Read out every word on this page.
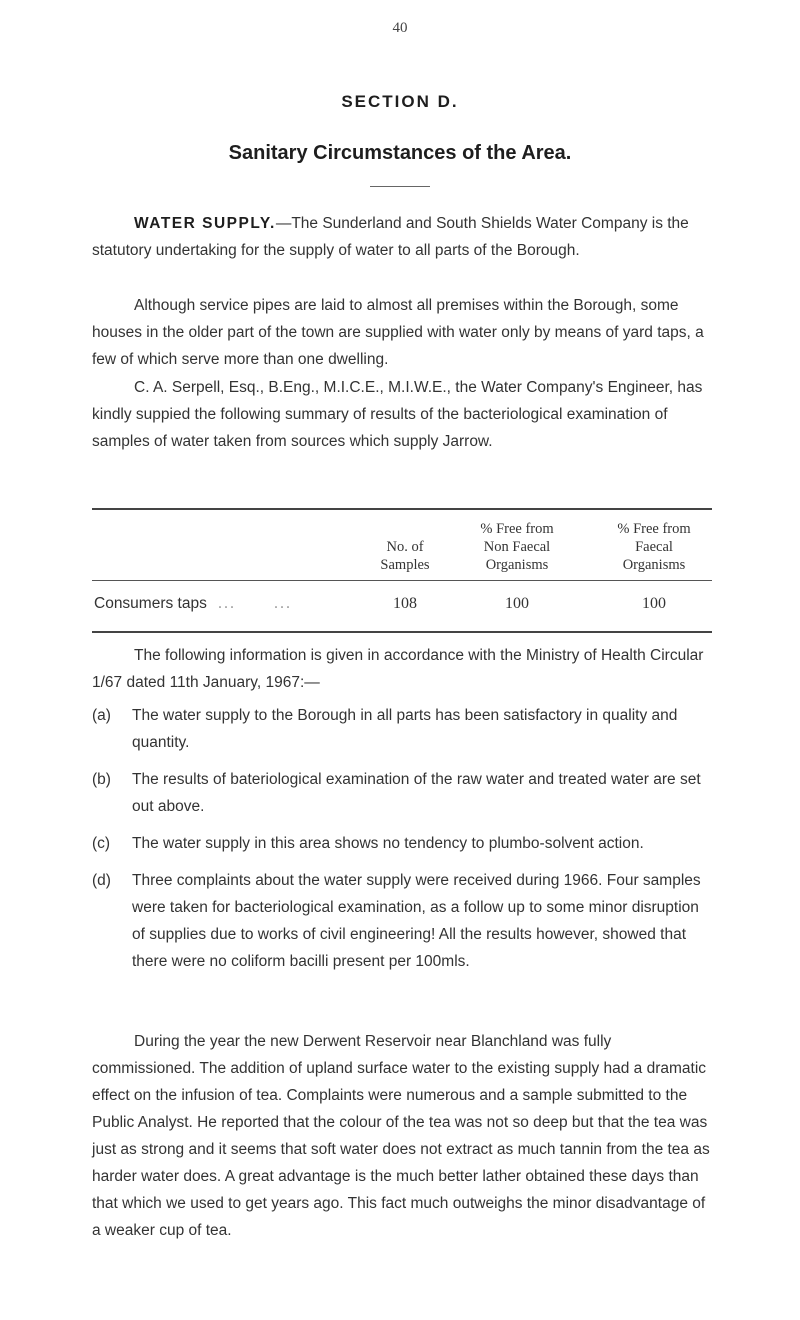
40
SECTION D.
Sanitary Circumstances of the Area.

WATER SUPPLY.—The Sunderland and South Shields Water Company is the statutory undertaking for the supply of water to all parts of the Borough.

Although service pipes are laid to almost all premises within the Borough, some houses in the older part of the town are supplied with water only by means of yard taps, a few of which serve more than one dwelling.

C. A. Serpell, Esq., B.Eng., M.I.C.E., M.I.W.E., the Water Company's Engineer, has kindly suppied the following summary of results of the bacteriological examination of samples of water taken from sources which supply Jarrow.

No. of
Samples
% Free from
Non Faecal
Organisms
% Free from
Faecal
Organisms
Consumers taps ... ...	108	100	100

The following information is given in accordance with the Ministry of Health Circular 1/67 dated 11th January, 1967:—

(a) The water supply to the Borough in all parts has been satisfactory in quality and quantity.

(b) The results of bateriological examination of the raw water and treated water are set out above.

(c) The water supply in this area shows no tendency to plumbo-solvent action.

(d) Three complaints about the water supply were received during 1966. Four samples were taken for bacteriological examination, as a follow up to some minor disruption of supplies due to works of civil engineering! All the results however, showed that there were no coliform bacilli present per 100mls.

During the year the new Derwent Reservoir near Blanchland was fully commissioned. The addition of upland surface water to the existing supply had a dramatic effect on the infusion of tea. Complaints were numerous and a sample submitted to the Public Analyst. He reported that the colour of the tea was not so deep but that the tea was just as strong and it seems that soft water does not extract as much tannin from the tea as harder water does. A great advantage is the much better lather obtained these days than that which we used to get years ago. This fact much outweighs the minor disadvantage of a weaker cup of tea.
